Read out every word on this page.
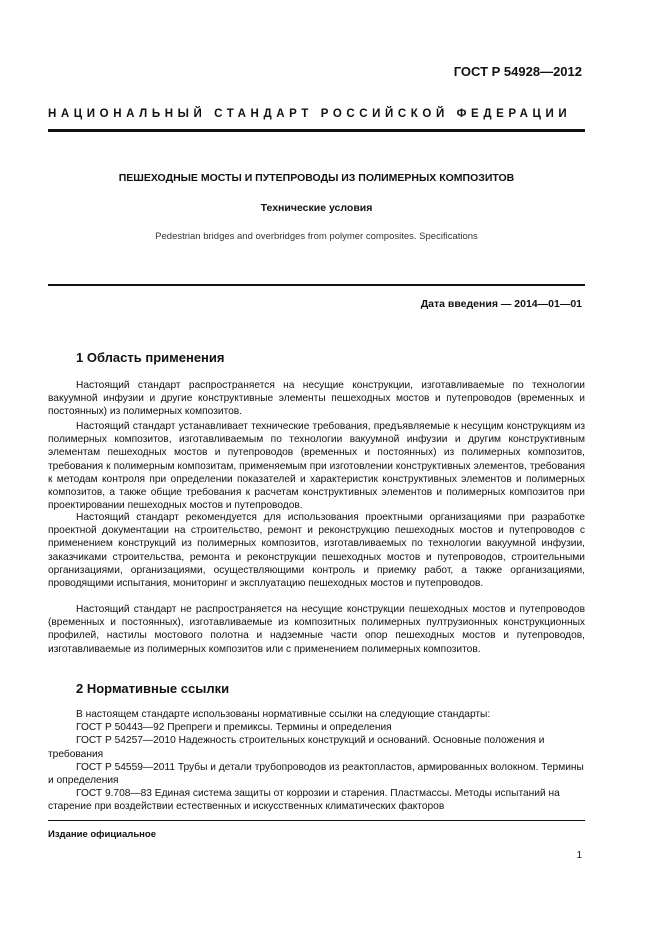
ГОСТ Р 54928—2012
НАЦИОНАЛЬНЫЙ СТАНДАРТ РОССИЙСКОЙ ФЕДЕРАЦИИ
ПЕШЕХОДНЫЕ МОСТЫ И ПУТЕПРОВОДЫ ИЗ ПОЛИМЕРНЫХ КОМПОЗИТОВ
Технические условия
Pedestrian bridges and overbridges from polymer composites. Specifications
Дата введения — 2014—01—01
1 Область применения
Настоящий стандарт распространяется на несущие конструкции, изготавливаемые по технологии вакуумной инфузии и другие конструктивные элементы пешеходных мостов и путепроводов (временных и постоянных) из полимерных композитов.
Настоящий стандарт устанавливает технические требования, предъявляемые к несущим конструкциям из полимерных композитов, изготавливаемым по технологии вакуумной инфузии и другим конструктивным элементам пешеходных мостов и путепроводов (временных и постоянных) из полимерных композитов, требования к полимерным композитам, применяемым при изготовлении конструктивных элементов, требования к методам контроля при определении показателей и характеристик конструктивных элементов и полимерных композитов, а также общие требования к расчетам конструктивных элементов и полимерных композитов при проектировании пешеходных мостов и путепроводов.
Настоящий стандарт рекомендуется для использования проектными организациями при разработке проектной документации на строительство, ремонт и реконструкцию пешеходных мостов и путепроводов с применением конструкций из полимерных композитов, изготавливаемых по технологии вакуумной инфузии, заказчиками строительства, ремонта и реконструкции пешеходных мостов и путепроводов, строительными организациями, организациями, осуществляющими контроль и приемку работ, а также организациями, проводящими испытания, мониторинг и эксплуатацию пешеходных мостов и путепроводов.
Настоящий стандарт не распространяется на несущие конструкции пешеходных мостов и путепроводов (временных и постоянных), изготавливаемые из композитных полимерных пултрузионных конструкционных профилей, настилы мостового полотна и надземные части опор пешеходных мостов и путепроводов, изготавливаемые из полимерных композитов или с применением полимерных композитов.
2 Нормативные ссылки
В настоящем стандарте использованы нормативные ссылки на следующие стандарты:
ГОСТ Р 50443—92 Препреги и премиксы. Термины и определения
ГОСТ Р 54257—2010 Надежность строительных конструкций и оснований. Основные положения и требования
ГОСТ Р 54559—2011 Трубы и детали трубопроводов из реактопластов, армированных волокном. Термины и определения
ГОСТ 9.708—83 Единая система защиты от коррозии и старения. Пластмассы. Методы испытаний на старение при воздействии естественных и искусственных климатических факторов
Издание официальное
1
